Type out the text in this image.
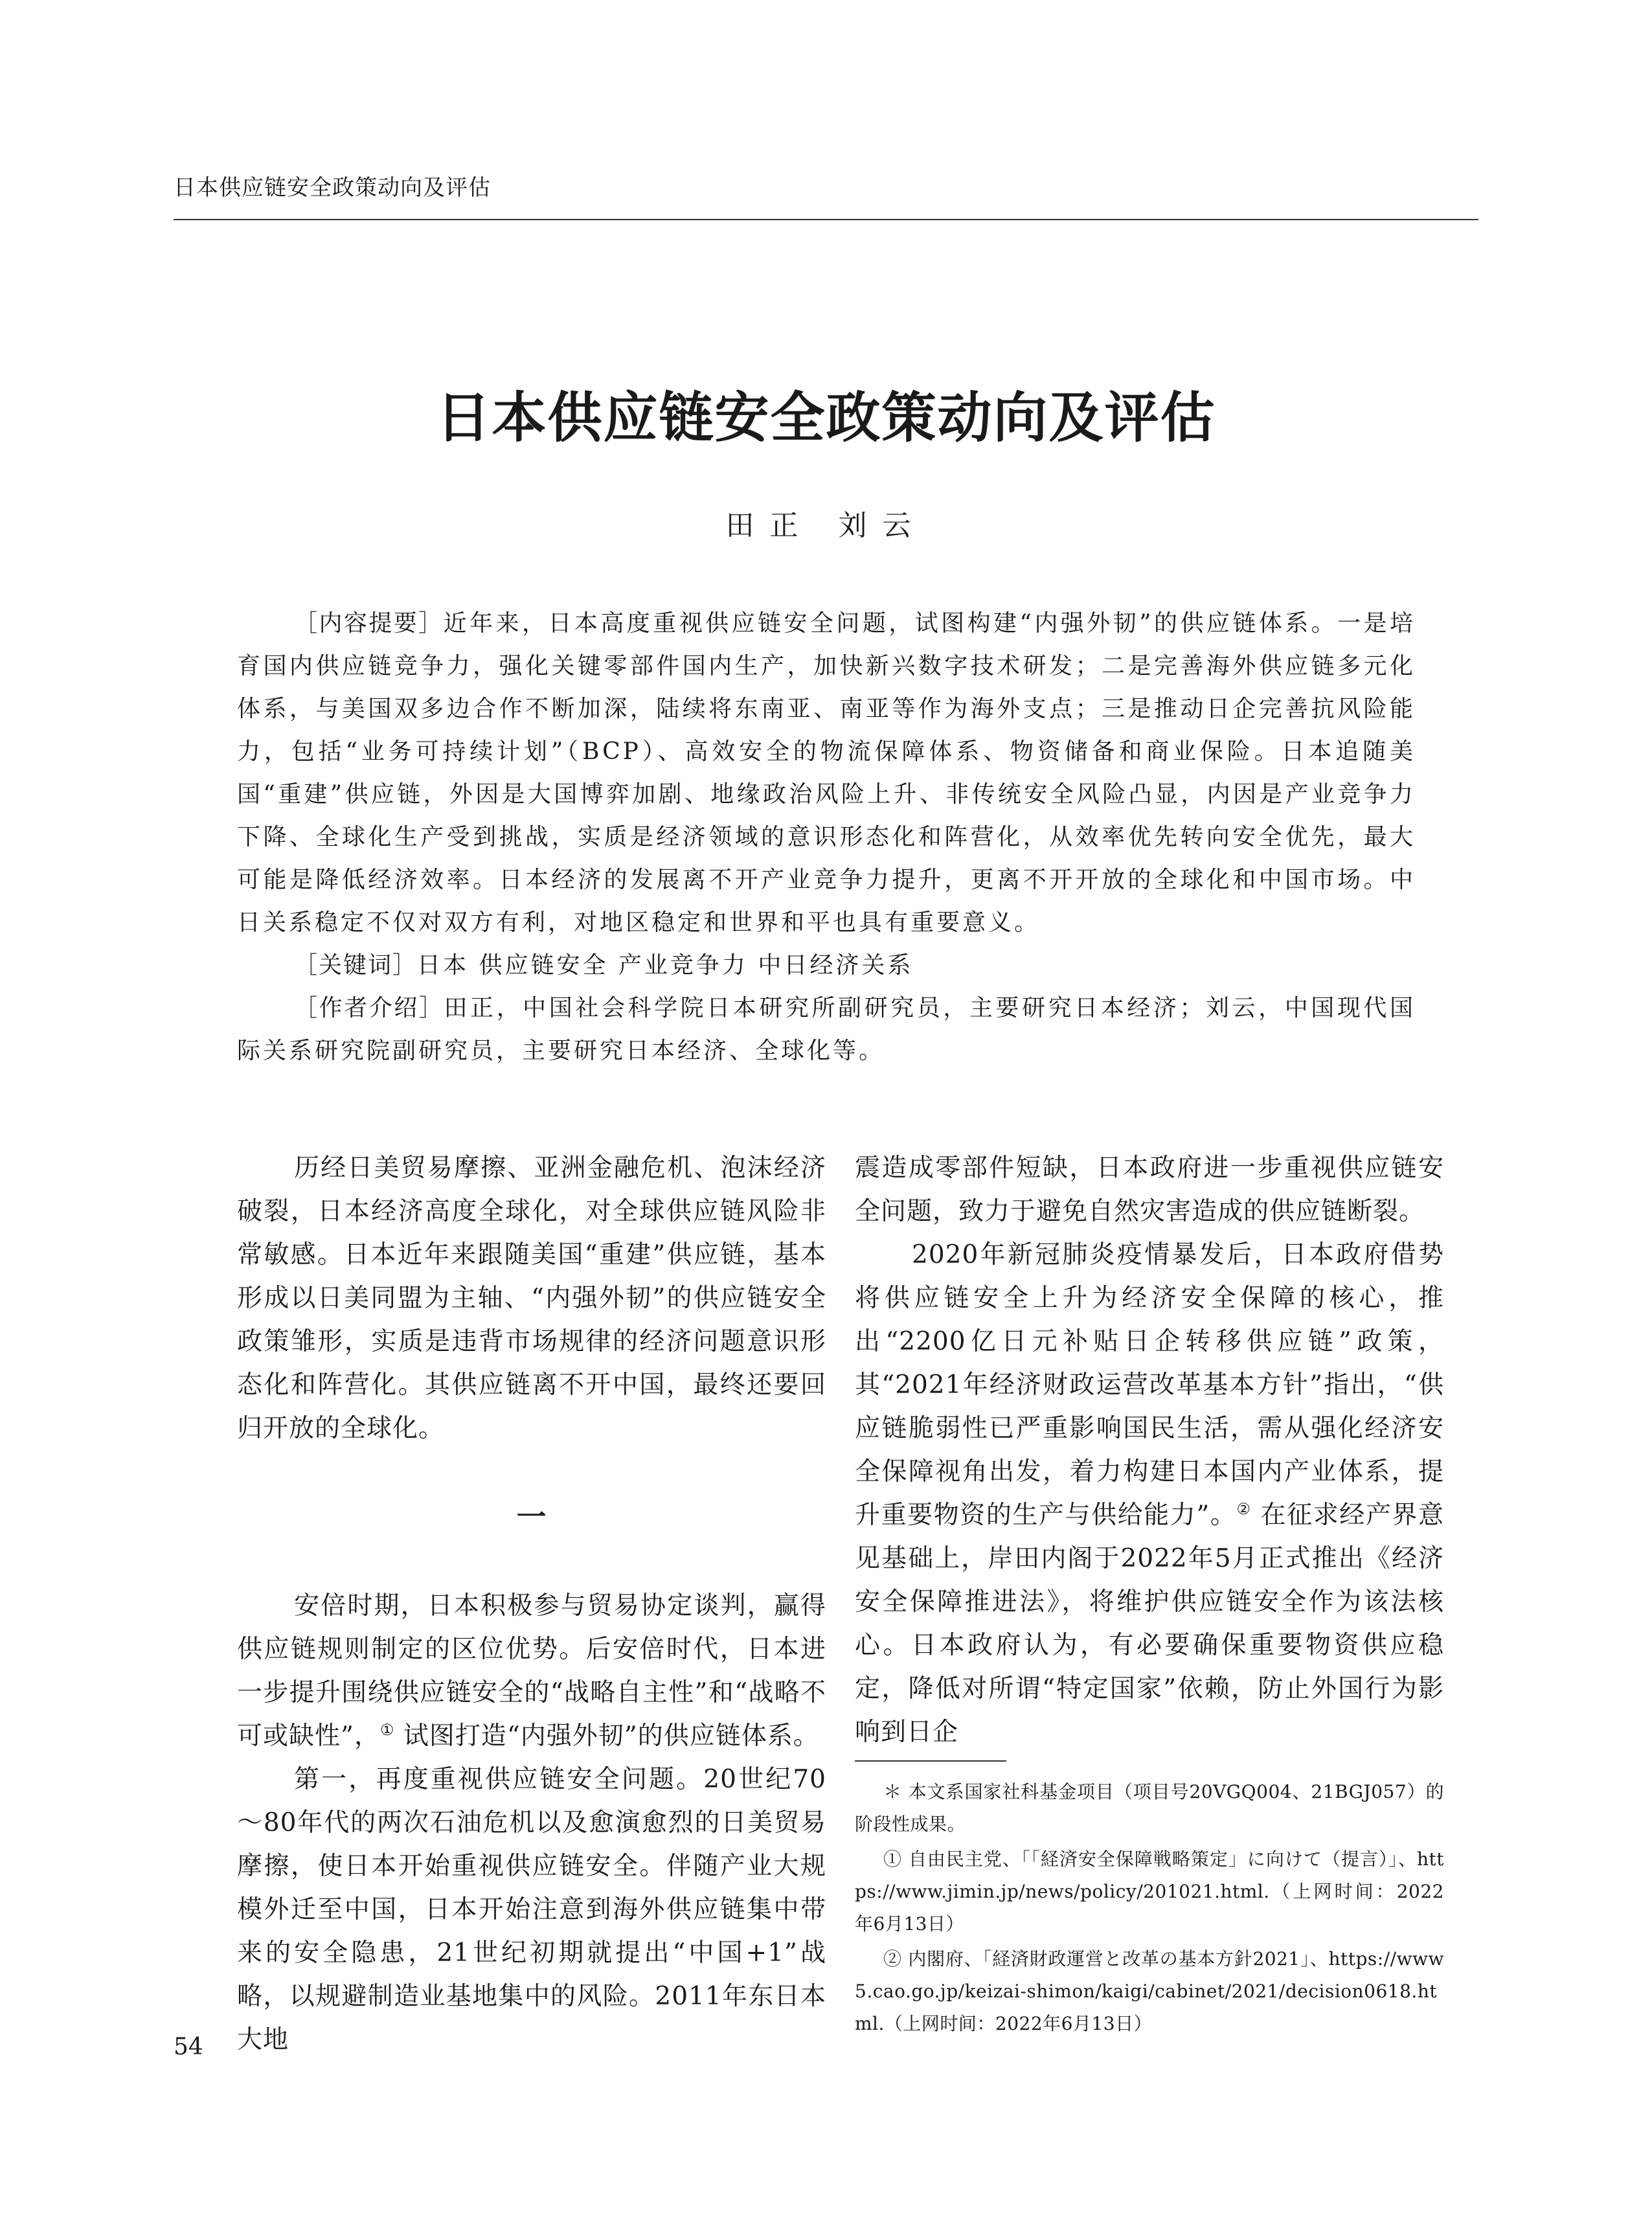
日本供应链安全政策动向及评估
日本供应链安全政策动向及评估
田正 刘云

［内容提要］近年来，日本高度重视供应链安全问题，试图构建“内强外韧”的供应链体系。一是培育国内供应链竞争力，强化关键零部件国内生产，加快新兴数字技术研发；二是完善海外供应链多元化体系，与美国双多边合作不断加深，陆续将东南亚、南亚等作为海外支点；三是推动日企完善抗风险能力，包括“业务可持续计划”（BCP）、高效安全的物流保障体系、物资储备和商业保险。日本追随美国“重建”供应链，外因是大国博弈加剧、地缘政治风险上升、非传统安全风险凸显，内因是产业竞争力下降、全球化生产受到挑战，实质是经济领域的意识形态化和阵营化，从效率优先转向安全优先，最大可能是降低经济效率。日本经济的发展离不开产业竞争力提升，更离不开开放的全球化和中国市场。中日关系稳定不仅对双方有利，对地区稳定和世界和平也具有重要意义。

［关键词］日本 供应链安全 产业竞争力 中日经济关系

［作者介绍］田正，中国社会科学院日本研究所副研究员，主要研究日本经济；刘云，中国现代国际关系研究院副研究员，主要研究日本经济、全球化等。

历经日美贸易摩擦、亚洲金融危机、泡沫经济破裂，日本经济高度全球化，对全球供应链风险非常敏感。日本近年来跟随美国“重建”供应链，基本形成以日美同盟为主轴、“内强外韧”的供应链安全政策雏形，实质是违背市场规律的经济问题意识形态化和阵营化。其供应链离不开中国，最终还要回归开放的全球化。

一

安倍时期，日本积极参与贸易协定谈判，赢得供应链规则制定的区位优势。后安倍时代，日本进一步提升围绕供应链安全的“战略自主性”和“战略不可或缺性”，① 试图打造“内强外韧”的供应链体系。

第一，再度重视供应链安全问题。20世纪70～80年代的两次石油危机以及愈演愈烈的日美贸易摩擦，使日本开始重视供应链安全。伴随产业大规模外迁至中国，日本开始注意到海外供应链集中带来的安全隐患，21世纪初期就提出“中国+1”战略，以规避制造业基地集中的风险。2011年东日本大地

震造成零部件短缺，日本政府进一步重视供应链安全问题，致力于避免自然灾害造成的供应链断裂。

2020年新冠肺炎疫情暴发后，日本政府借势将供应链安全上升为经济安全保障的核心，推出“2200亿日元补贴日企转移供应链”政策，其“2021年经济财政运营改革基本方针”指出，“供应链脆弱性已严重影响国民生活，需从强化经济安全保障视角出发，着力构建日本国内产业体系，提升重要物资的生产与供给能力”。② 在征求经产界意见基础上，岸田内阁于2022年5月正式推出《经济安全保障推进法》，将维护供应链安全作为该法核心。日本政府认为，有必要确保重要物资供应稳定，降低对所谓“特定国家”依赖，防止外国行为影响到日企

＊ 本文系国家社科基金项目（项目号20VGQ004、21BGJ057）的阶段性成果。

① 自由民主党、「「経済安全保障戦略策定」に向けて（提言）」、https://www.jimin.jp/news/policy/201021.html.（上网时间：2022年6月13日）

② 内閣府、「経済財政運営と改革の基本方針2021」、https://www5.cao.go.jp/keizai-shimon/kaigi/cabinet/2021/decision0618.html.（上网时间：2022年6月13日）

54
